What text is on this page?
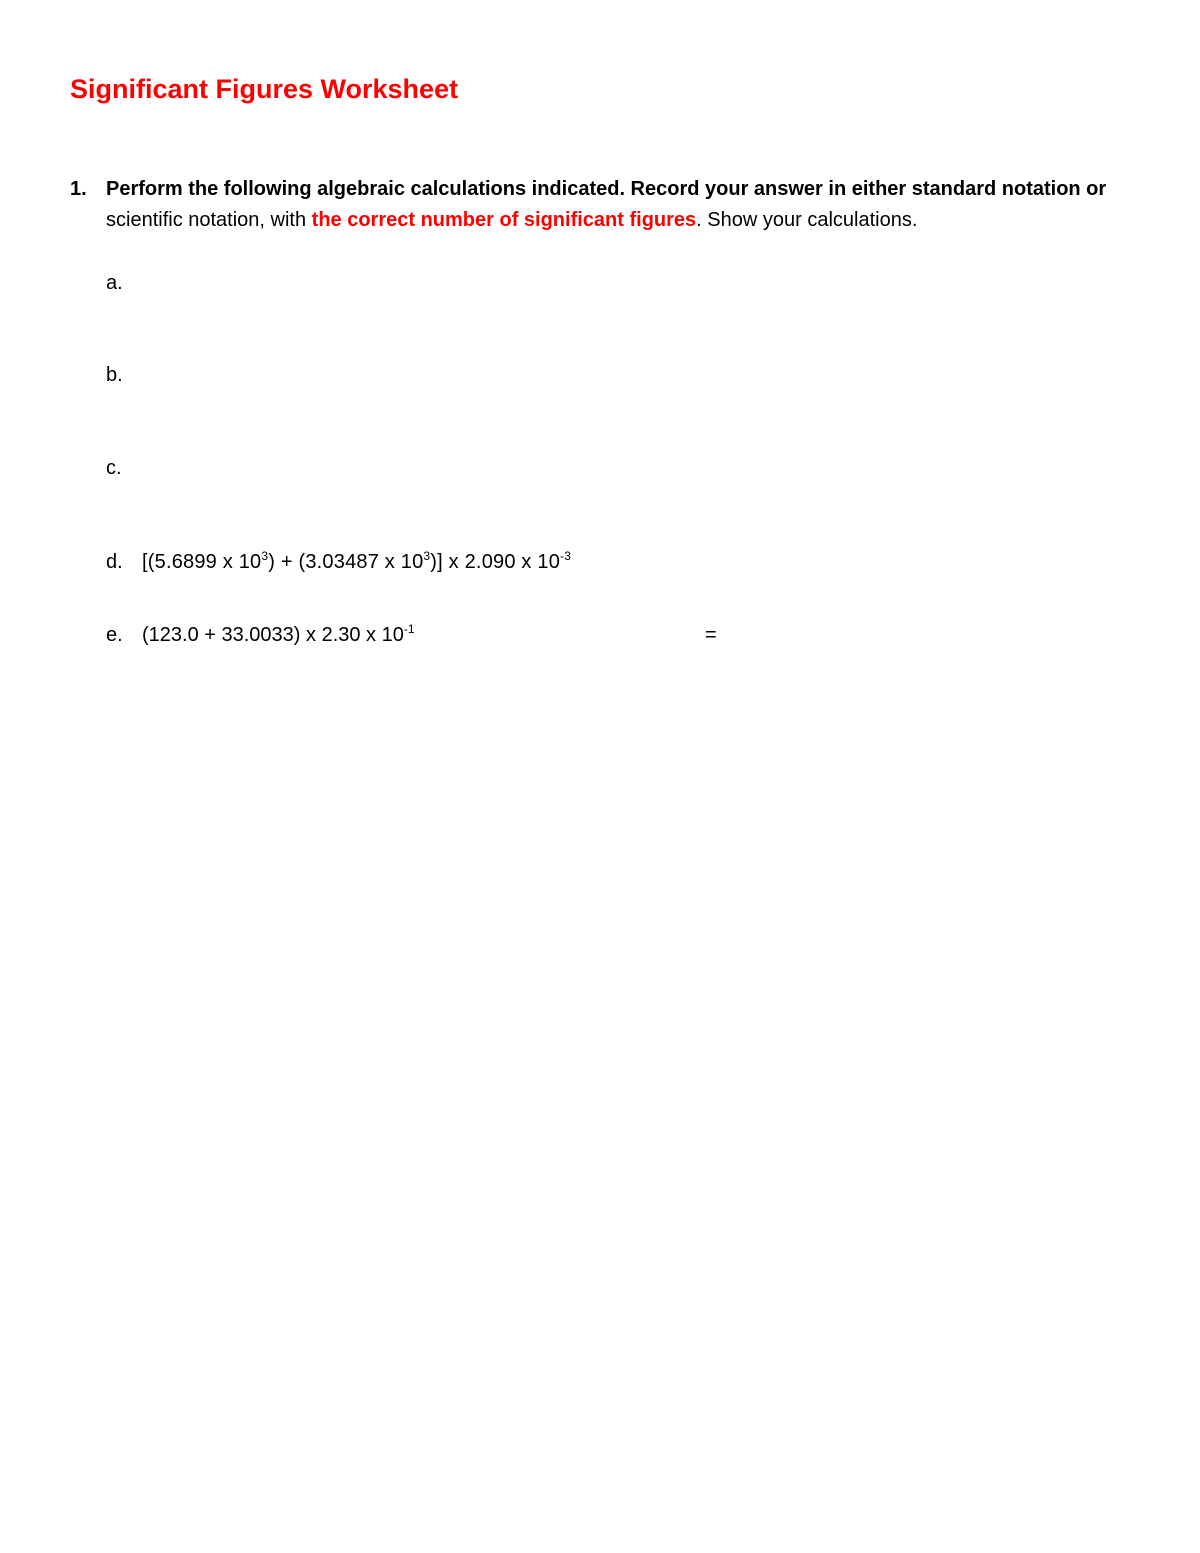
Significant Figures Worksheet
1. Perform the following algebraic calculations indicated. Record your answer in either standard notation or
scientific notation, with the correct number of significant figures. Show your calculations.
a.
b.
c.
d. [(5.6899 x $10^3) + (3.03487$ x $10^3$)] x 2.090 x $10^{-3}$
e. (123.0 + 33.0033) x 2.30 x $10^{-1}$	=
